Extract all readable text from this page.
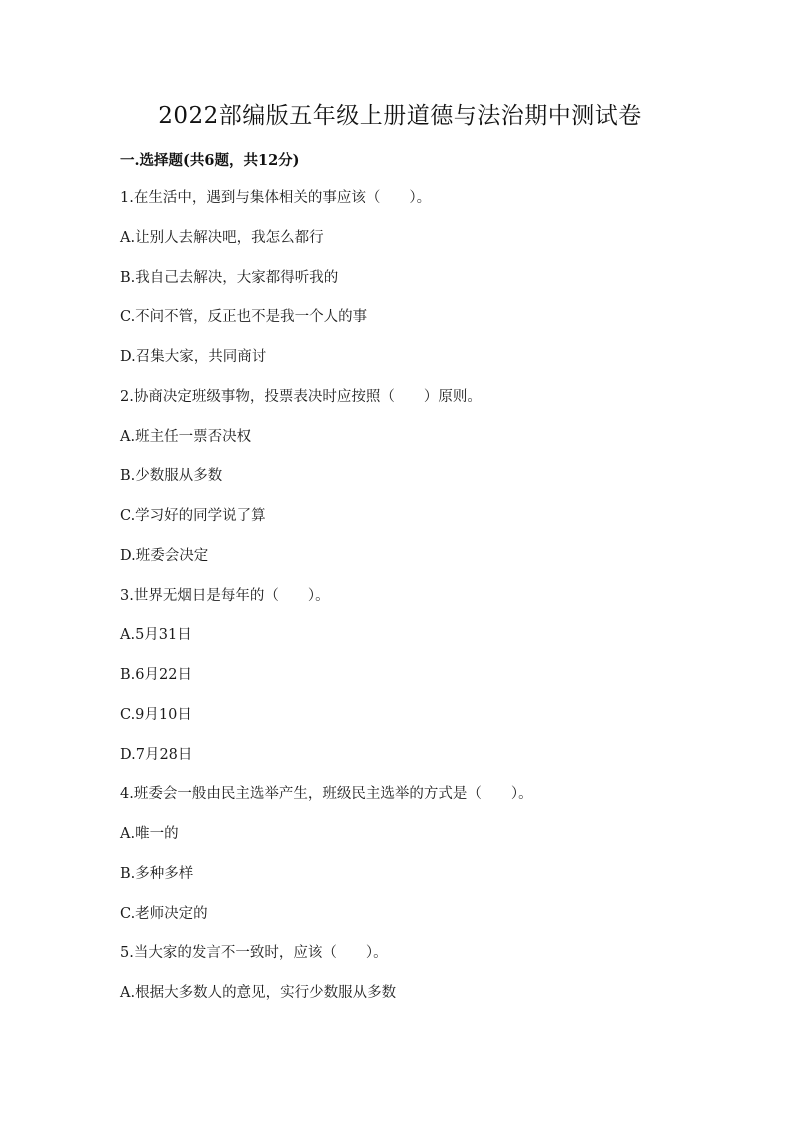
2022部编版五年级上册道德与法治期中测试卷
一.选择题(共6题，共12分)
1.在生活中，遇到与集体相关的事应该（　　）。
A.让别人去解决吧，我怎么都行
B.我自己去解决，大家都得听我的
C.不问不管，反正也不是我一个人的事
D.召集大家，共同商讨
2.协商决定班级事物，投票表决时应按照（　　）原则。
A.班主任一票否决权
B.少数服从多数
C.学习好的同学说了算
D.班委会决定
3.世界无烟日是每年的（　　）。
A.5月31日
B.6月22日
C.9月10日
D.7月28日
4.班委会一般由民主选举产生，班级民主选举的方式是（　　）。
A.唯一的
B.多种多样
C.老师决定的
5.当大家的发言不一致时，应该（　　）。
A.根据大多数人的意见，实行少数服从多数
